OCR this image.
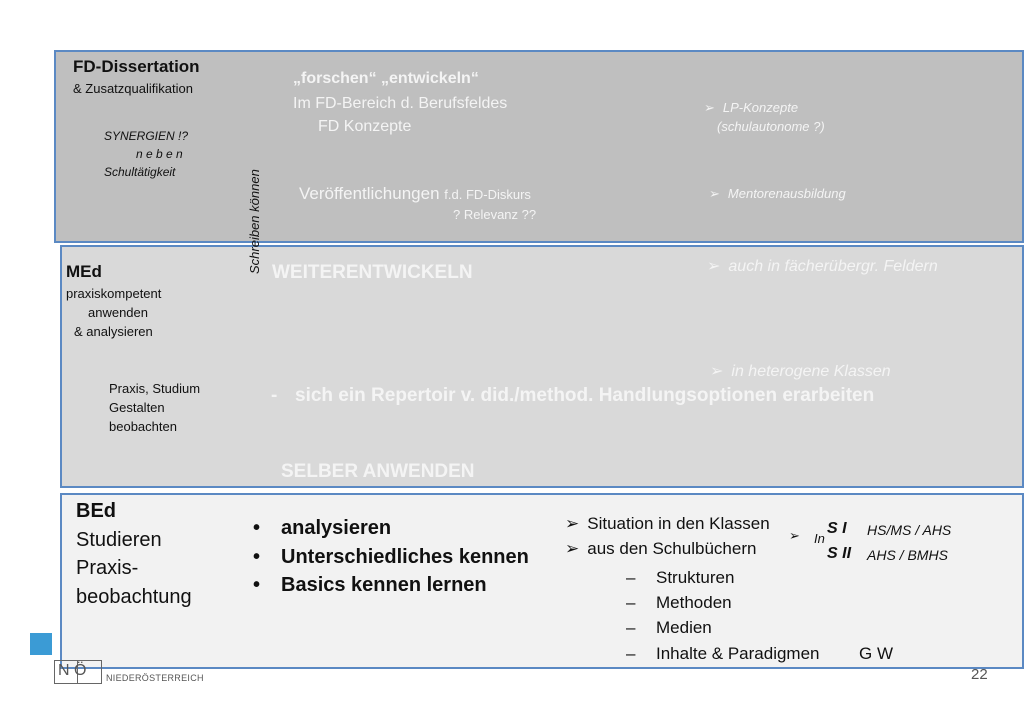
FD-Dissertation
& Zusatzqualifikation
SYNERGIEN !?
n e b e n
Schultätigkeit
„forschen“ „entwickeln“
Im FD-Bereich d. Berufsfeldes
FD Konzepte
Veröffentlichungen f.d. FD-Diskurs
? Relevanz ??
➢ LP-Konzepte
(schulautonome ?)
➢ Mentorenausbildung
Schreiben können
MEd
praxiskompetent
anwenden
& analysieren
Praxis, Studium
Gestalten
beobachten
WEITERENTWICKELN	➢ auch in fächerübergr. Feldern
➢ in heterogene Klassen
- sich ein Repertoir v. did./method. Handlungsoptionen erarbeiten
SELBER ANWENDEN
BEd
Studieren
Praxis-
beobachtung
• analysieren
• Unterschiedliches kennen
• Basics kennen lernen
➢ Situation in den Klassen
➢ aus den Schulbüchern
➢ In
S I HS/MS / AHS
S II AHS / BMHS
– Strukturen
– Methoden
– Medien
– Inhalte & Paradigmen G W
N Ö NIEDERÖSTERREICH	22
